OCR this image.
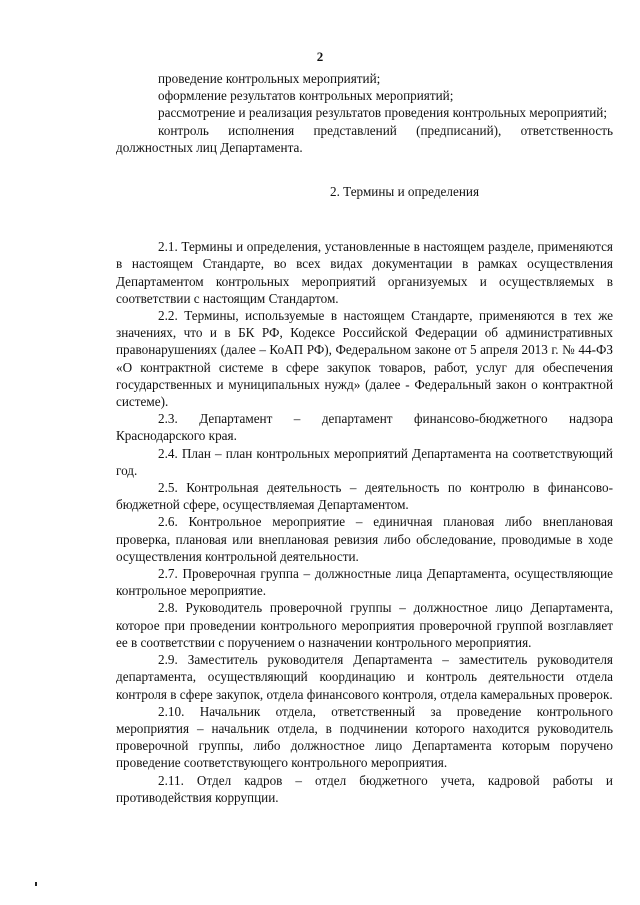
2

проведение контрольных мероприятий;

оформление результатов контрольных мероприятий;

рассмотрение и реализация результатов проведения контрольных мероприятий;

контроль исполнения представлений (предписаний), ответственность должностных лиц Департамента.

2. Термины и определения

2.1. Термины и определения, установленные в настоящем разделе, применяются в настоящем Стандарте, во всех видах документации в рамках осуществления Департаментом контрольных мероприятий организуемых и осуществляемых в соответствии с настоящим Стандартом.

2.2. Термины, используемые в настоящем Стандарте, применяются в тех же значениях, что и в БК РФ, Кодексе Российской Федерации об административных правонарушениях (далее – КоАП РФ), Федеральном законе от 5 апреля 2013 г. № 44-ФЗ «О контрактной системе в сфере закупок товаров, работ, услуг для обеспечения государственных и муниципальных нужд» (далее - Федеральный закон о контрактной системе).

2.3. Департамент – департамент финансово-бюджетного надзора Краснодарского края.

2.4. План – план контрольных мероприятий Департамента на соответствующий год.

2.5. Контрольная деятельность – деятельность по контролю в финансово-бюджетной сфере, осуществляемая Департаментом.

2.6. Контрольное мероприятие – единичная плановая либо внеплановая проверка, плановая или внеплановая ревизия либо обследование, проводимые в ходе осуществления контрольной деятельности.

2.7. Проверочная группа – должностные лица Департамента, осуществляющие контрольное мероприятие.

2.8. Руководитель проверочной группы – должностное лицо Департамента, которое при проведении контрольного мероприятия проверочной группой возглавляет ее в соответствии с поручением о назначении контрольного мероприятия.

2.9. Заместитель руководителя Департамента – заместитель руководителя департамента, осуществляющий координацию и контроль деятельности отдела контроля в сфере закупок, отдела финансового контроля, отдела камеральных проверок.

2.10. Начальник отдела, ответственный за проведение контрольного мероприятия – начальник отдела, в подчинении которого находится руководитель проверочной группы, либо должностное лицо Департамента которым поручено проведение соответствующего контрольного мероприятия.

2.11. Отдел кадров – отдел бюджетного учета, кадровой работы и противодействия коррупции.
